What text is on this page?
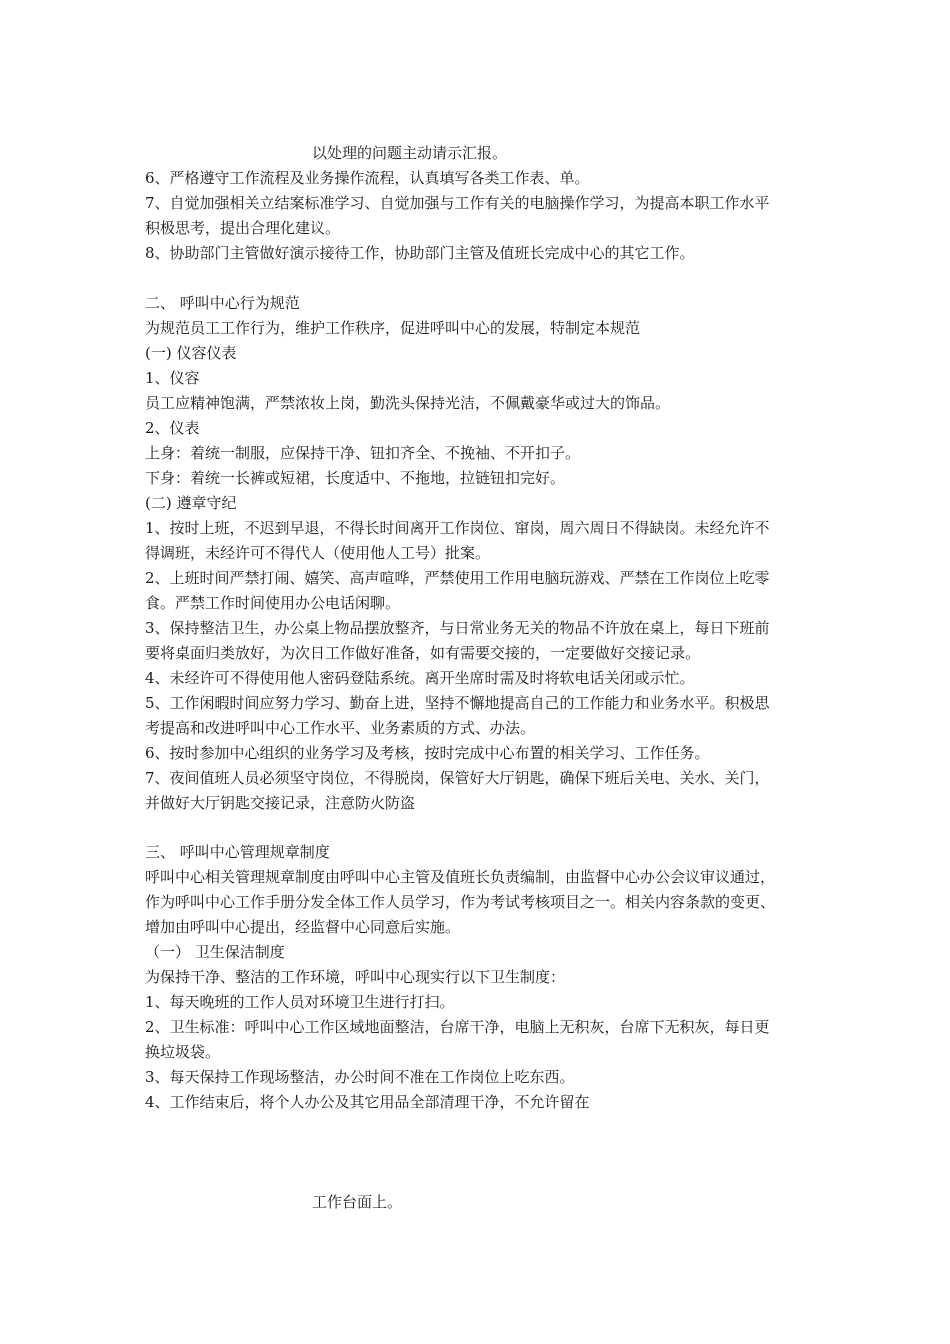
以处理的问题主动请示汇报。
6、严格遵守工作流程及业务操作流程，认真填写各类工作表、单。
7、自觉加强相关立结案标准学习、自觉加强与工作有关的电脑操作学习，为提高本职工作水平
积极思考，提出合理化建议。
8、协助部门主管做好演示接待工作，协助部门主管及值班长完成中心的其它工作。
二、 呼叫中心行为规范
为规范员工工作行为，维护工作秩序，促进呼叫中心的发展，特制定本规范
(一) 仪容仪表
1、仪容
员工应精神饱满，严禁浓妆上岗，勤洗头保持光洁，不佩戴豪华或过大的饰品。
2、仪表
上身：着统一制服，应保持干净、钮扣齐全、不挽袖、不开扣子。
下身：着统一长裤或短裙，长度适中、不拖地，拉链钮扣完好。
(二) 遵章守纪
1、按时上班，不迟到早退，不得长时间离开工作岗位、窜岗，周六周日不得缺岗。未经允许不
得调班，未经许可不得代人（使用他人工号）批案。
2、上班时间严禁打闹、嬉笑、高声喧哗，严禁使用工作用电脑玩游戏、严禁在工作岗位上吃零
食。严禁工作时间使用办公电话闲聊。
3、保持整洁卫生，办公桌上物品摆放整齐，与日常业务无关的物品不许放在桌上，每日下班前
要将桌面归类放好，为次日工作做好准备，如有需要交接的，一定要做好交接记录。
4、未经许可不得使用他人密码登陆系统。离开坐席时需及时将软电话关闭或示忙。
5、工作闲暇时间应努力学习、勤奋上进，坚持不懈地提高自己的工作能力和业务水平。积极思
考提高和改进呼叫中心工作水平、业务素质的方式、办法。
6、按时参加中心组织的业务学习及考核，按时完成中心布置的相关学习、工作任务。
7、夜间值班人员必须坚守岗位，不得脱岗，保管好大厅钥匙，确保下班后关电、关水、关门，
并做好大厅钥匙交接记录，注意防火防盗
三、 呼叫中心管理规章制度
呼叫中心相关管理规章制度由呼叫中心主管及值班长负责编制，由监督中心办公会议审议通过，
作为呼叫中心工作手册分发全体工作人员学习，作为考试考核项目之一。相关内容条款的变更、
增加由呼叫中心提出，经监督中心同意后实施。
（一） 卫生保洁制度
为保持干净、整洁的工作环境，呼叫中心现实行以下卫生制度：
1、每天晚班的工作人员对环境卫生进行打扫。
2、卫生标准：呼叫中心工作区域地面整洁，台席干净，电脑上无积灰，台席下无积灰，每日更
换垃圾袋。
3、每天保持工作现场整洁，办公时间不准在工作岗位上吃东西。
4、工作结束后，将个人办公及其它用品全部清理干净，不允许留在
工作台面上。
